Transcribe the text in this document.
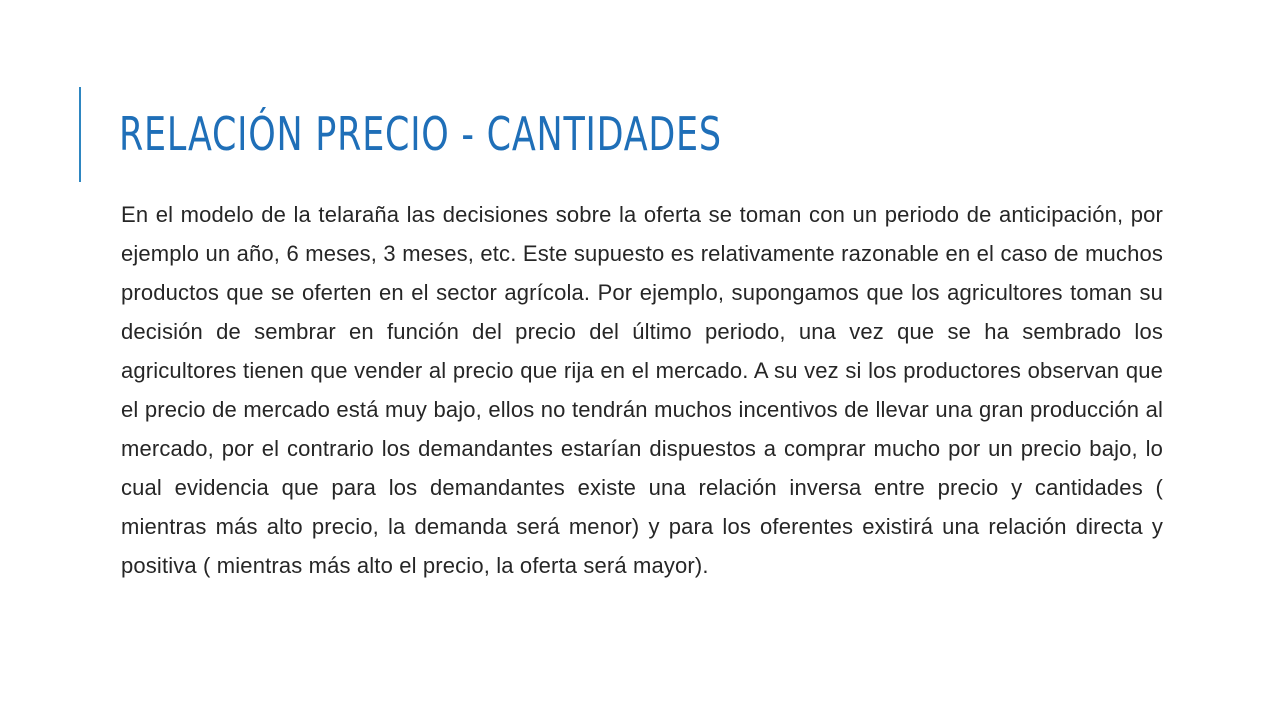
RELACIÓN PRECIO - CANTIDADES

En el modelo de la telaraña las decisiones sobre la oferta se toman con un periodo de anticipación, por ejemplo un año, 6 meses, 3 meses, etc. Este supuesto es relativamente razonable en el caso de muchos productos que se oferten en el sector agrícola. Por ejemplo, supongamos que los agricultores toman su decisión de sembrar en función del precio del último periodo, una vez que se ha sembrado los agricultores tienen que vender al precio que rija en el mercado. A su vez si los productores observan que el precio de mercado está muy bajo, ellos no tendrán muchos incentivos de llevar una gran producción al mercado, por el contrario los demandantes estarían dispuestos a comprar mucho por un precio bajo, lo cual evidencia que para los demandantes existe una relación inversa entre precio y cantidades ( mientras más alto precio, la demanda será menor) y para los oferentes existirá una relación directa y positiva ( mientras más alto el precio, la oferta será mayor).
